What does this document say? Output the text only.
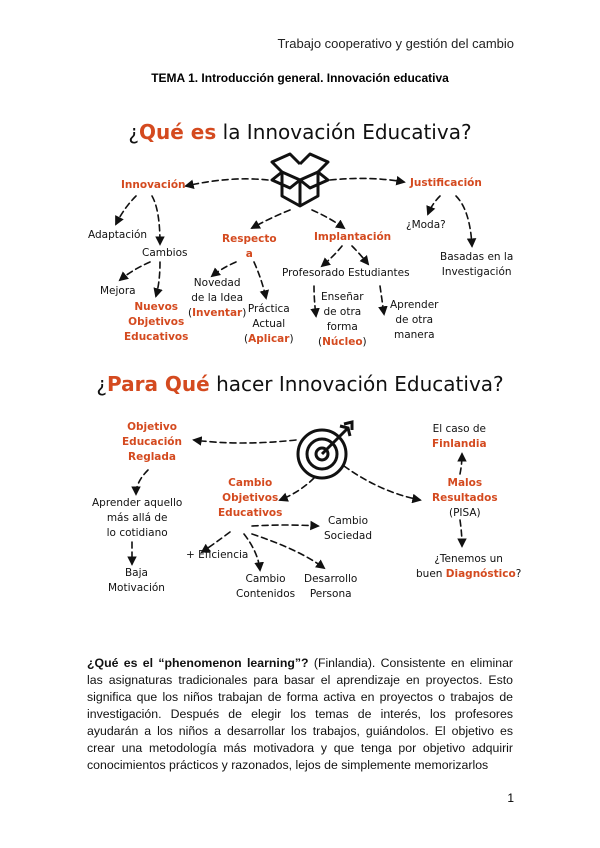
Trabajo cooperativo y gestión del cambio
TEMA 1. Introducción general. Innovación educativa
¿Qué es la Innovación Educativa?
Innovación
Adaptación
Cambios
Mejora
Nuevos
Objetivos
Educativos
Respecto
a
Novedad
de la Idea
(Inventar) Práctica
Actual
(Aplicar)
Implantación
Profesorado Estudiantes
Enseñar
de otra
forma
(Núcleo)
Aprender
de otra
manera
Justificación
¿Moda?
Basadas en la
Investigación
¿Para Qué hacer Innovación Educativa?
Objetivo
Educación
Reglada
Aprender aquello
más allá de
lo cotidiano
Baja
Motivación
Cambio
Objetivos
Educativos
+ Eficiencia
Cambio
Contenidos
Desarrollo
Persona
Cambio
Sociedad
El caso de
Finlandia
Malos
Resultados
(PISA)
¿Tenemos un
buen Diagnóstico?
¿Qué es el “phenomenon learning”? (Finlandia). Consistente en eliminar las asignaturas tradicionales para basar el aprendizaje en proyectos. Esto significa que los niños trabajan de forma activa en proyectos o trabajos de investigación. Después de elegir los temas de interés, los profesores ayudarán a los niños a desarrollar los trabajos, guiándolos. El objetivo es crear una metodología más motivadora y que tenga por objetivo adquirir conocimientos prácticos y razonados, lejos de simplemente memorizarlos
1
